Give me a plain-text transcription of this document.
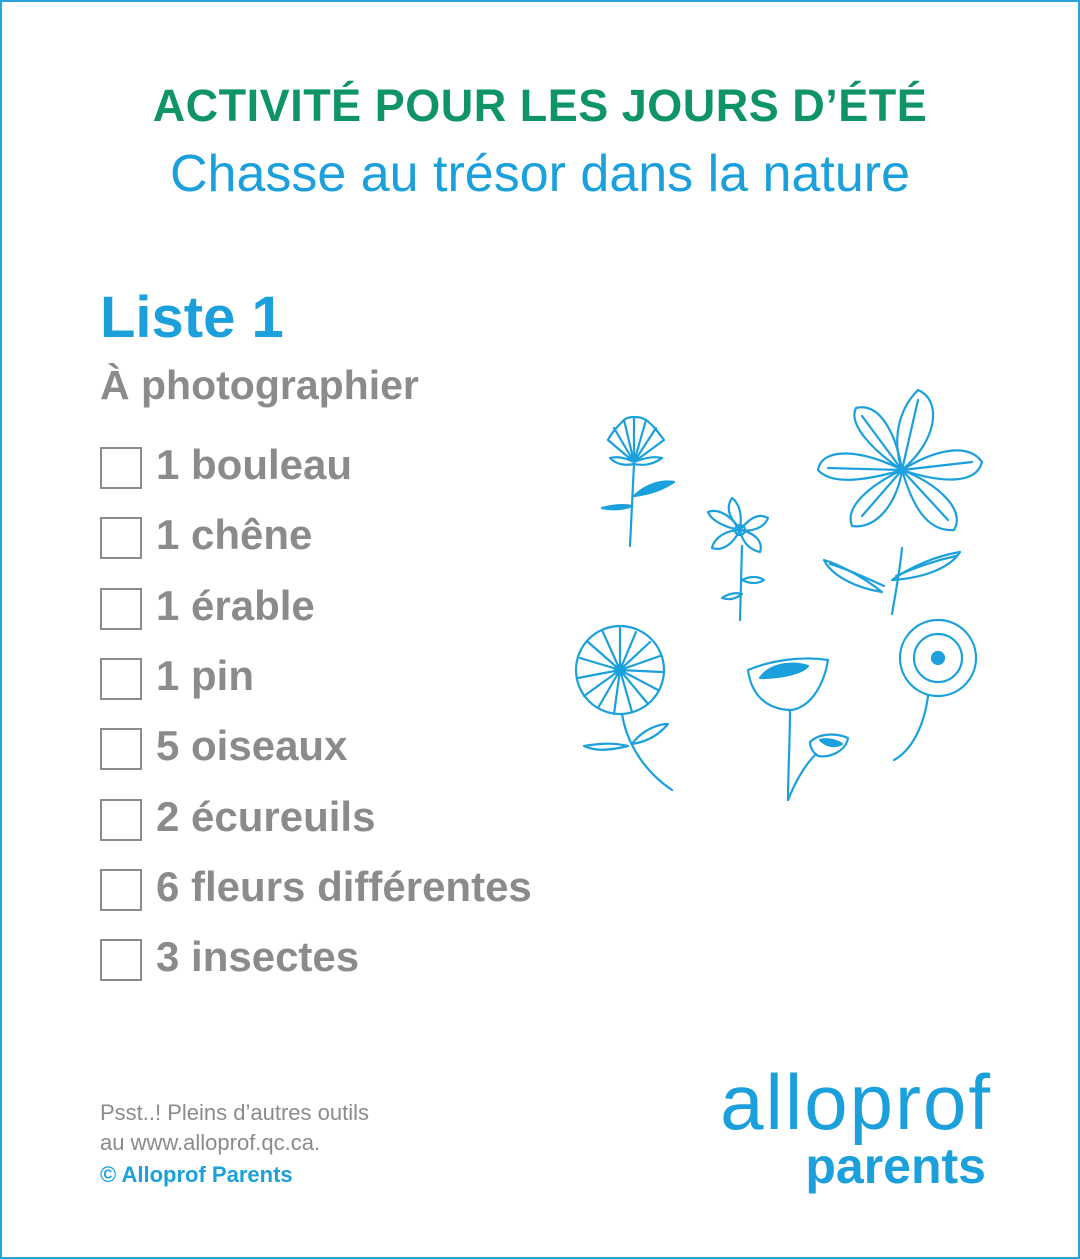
ACTIVITÉ POUR LES JOURS D’ÉTÉ
Chasse au trésor dans la nature
Liste 1
À photographier
1 bouleau
1 chêne
1 érable
1 pin
5 oiseaux
2 écureuils
6 fleurs différentes
3 insectes
Psst..! Pleins d’autres outils
au www.alloprof.qc.ca.
© Alloprof Parents
alloprof
parents
